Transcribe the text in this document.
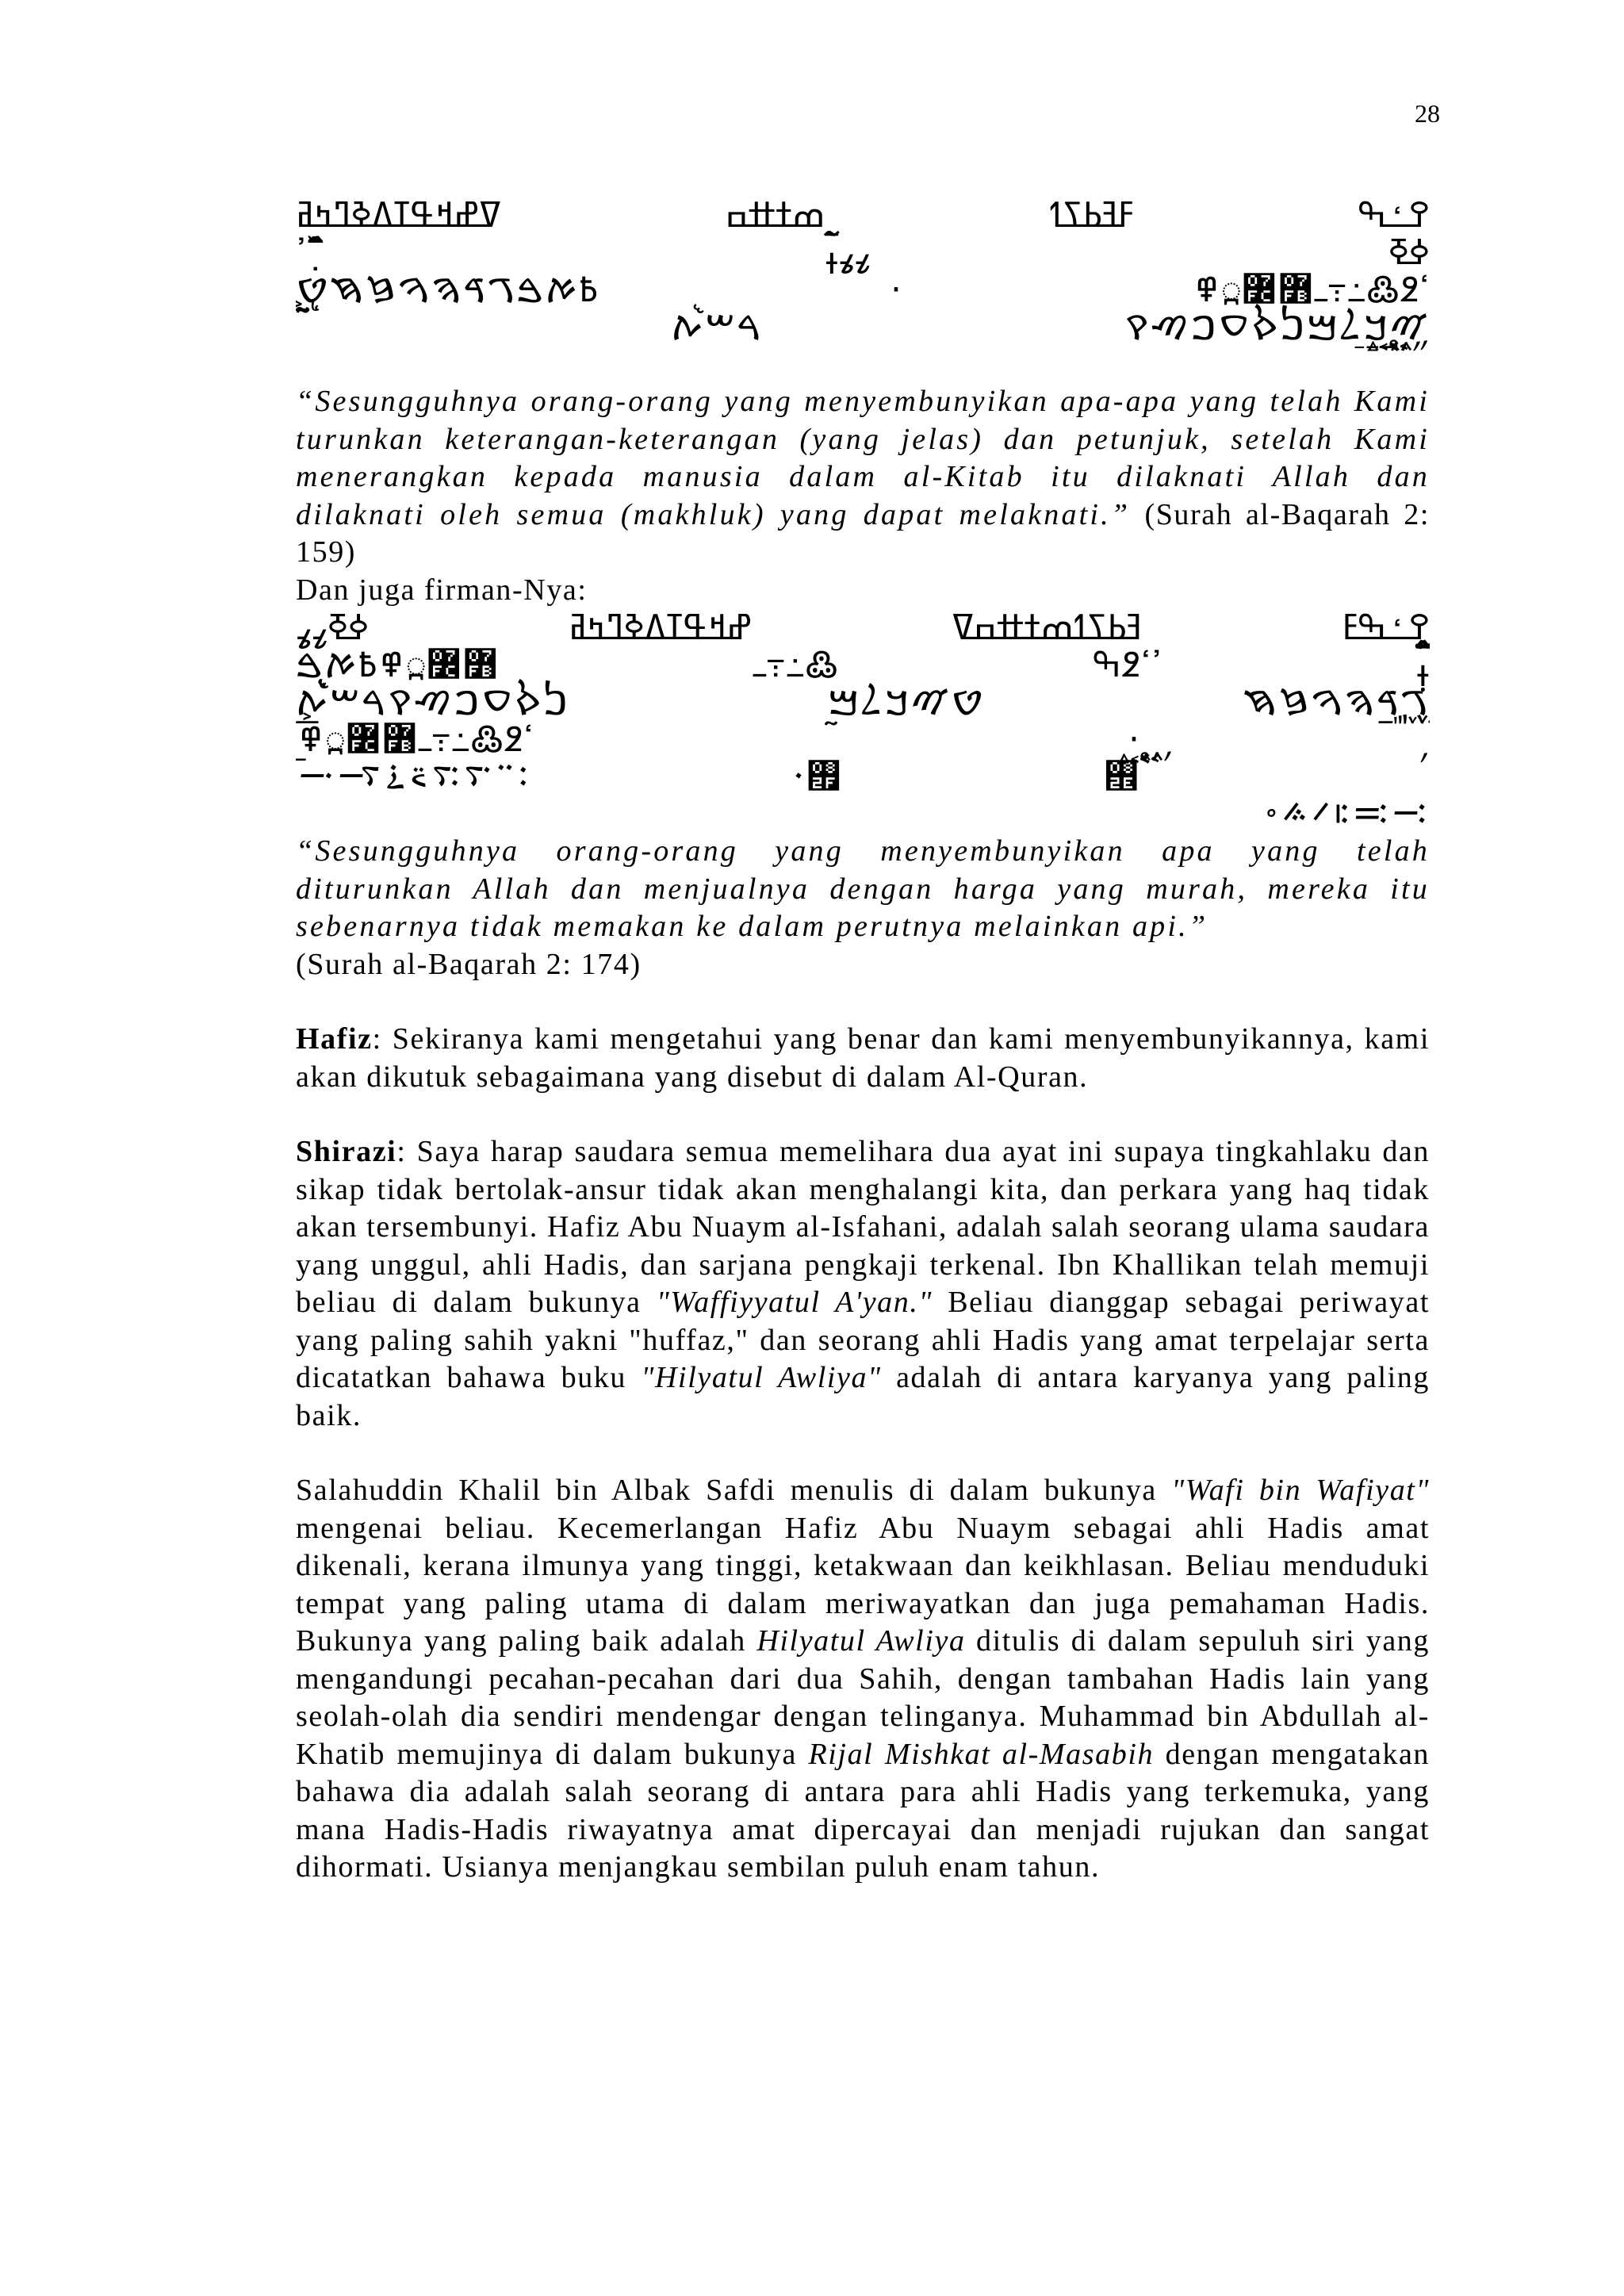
28
ߐߑߒ ߓߔߕߖߗ ߘߙߚߛ ߜߝߞߟߠߡߢߣߤߥ
ߦߧ ߨߩߪ߫߬߭ ߲߮߯߰߱߳ߴ
ߵ߶߷߸߹ߺ߻߼߽߾ · ߿ࠀࠁࠂࠃࠄࠅࠆࠇࠈ
ࠉࠊࠋࠌࠍࠎࠏࠐࠑࠒ ࠓࠔࠕࠖ ࠗ࠘࠙ࠚࠛࠜࠝࠞࠟ
ࠠࠡࠢࠣࠤࠥࠦࠧࠨࠩࠪࠫࠬ࠭

“Sesungguhnya orang-orang yang menyembunyikan apa-apa yang telah Kami turunkan keterangan-keterangan (yang jelas) dan petunjuk, setelah Kami menerangkan kepada manusia dalam al-Kitab itu dilaknati Allah dan dilaknati oleh semua (makhluk) yang dapat melaknati.” (Surah al-Baqarah 2: 159)

Dan juga firman-Nya:

ߐߑߒߓ ߔߕߖߗߘߙߚߛߜ ߝߞߟߠߡߢߣߤߥ ߦߧߨߩ
ߪ߲߫߬߭߮߯߰߱߳ ߴߵ߶ߒ ߷߸߹ߺ ߻߼߽߾߿ࠀࠁ
ࠂࠃࠄࠅࠆࠇ ࠈࠉࠊࠋࠌ ࠍࠎࠏࠐࠑࠒࠓࠔࠕࠖࠗ
࠘࠙ࠚ ߵ߶߷߸߹ߺ߻߼߽߾ · ࠛࠜࠝࠞࠟࠠࠡ
ࠢࠣࠤ ࠥࠦࠧࠨࠩࠪࠫࠬ࠭࠮ ࠯࠰ ࠱࠲࠳࠴࠵࠶࠷࠸
࠹࠺࠻࠼࠽࠾

“Sesungguhnya orang-orang yang menyembunyikan apa yang telah diturunkan Allah dan menjualnya dengan harga yang murah, mereka itu sebenarnya tidak memakan ke dalam perutnya melainkan api.”
(Surah al-Baqarah 2: 174)

Hafiz: Sekiranya kami mengetahui yang benar dan kami menyembunyikannya, kami akan dikutuk sebagaimana yang disebut di dalam Al-Quran.

Shirazi: Saya harap saudara semua memelihara dua ayat ini supaya tingkahlaku dan sikap tidak bertolak-ansur tidak akan menghalangi kita, dan perkara yang haq tidak akan tersembunyi. Hafiz Abu Nuaym al-Isfahani, adalah salah seorang ulama saudara yang unggul, ahli Hadis, dan sarjana pengkaji terkenal. Ibn Khallikan telah memuji beliau di dalam bukunya "Waffiyyatul A'yan." Beliau dianggap sebagai periwayat yang paling sahih yakni "huffaz," dan seorang ahli Hadis yang amat terpelajar serta dicatatkan bahawa buku "Hilyatul Awliya" adalah di antara karyanya yang paling baik.

Salahuddin Khalil bin Albak Safdi menulis di dalam bukunya "Wafi bin Wafiyat" mengenai beliau. Kecemerlangan Hafiz Abu Nuaym sebagai ahli Hadis amat dikenali, kerana ilmunya yang tinggi, ketakwaan dan keikhlasan. Beliau menduduki tempat yang paling utama di dalam meriwayatkan dan juga pemahaman Hadis. Bukunya yang paling baik adalah Hilyatul Awliya ditulis di dalam sepuluh siri yang mengandungi pecahan-pecahan dari dua Sahih, dengan tambahan Hadis lain yang seolah-olah dia sendiri mendengar dengan telinganya. Muhammad bin Abdullah al-Khatib memujinya di dalam bukunya Rijal Mishkat al-Masabih dengan mengatakan bahawa dia adalah salah seorang di antara para ahli Hadis yang terkemuka, yang mana Hadis-Hadis riwayatnya amat dipercayai dan menjadi rujukan dan sangat dihormati. Usianya menjangkau sembilan puluh enam tahun.
